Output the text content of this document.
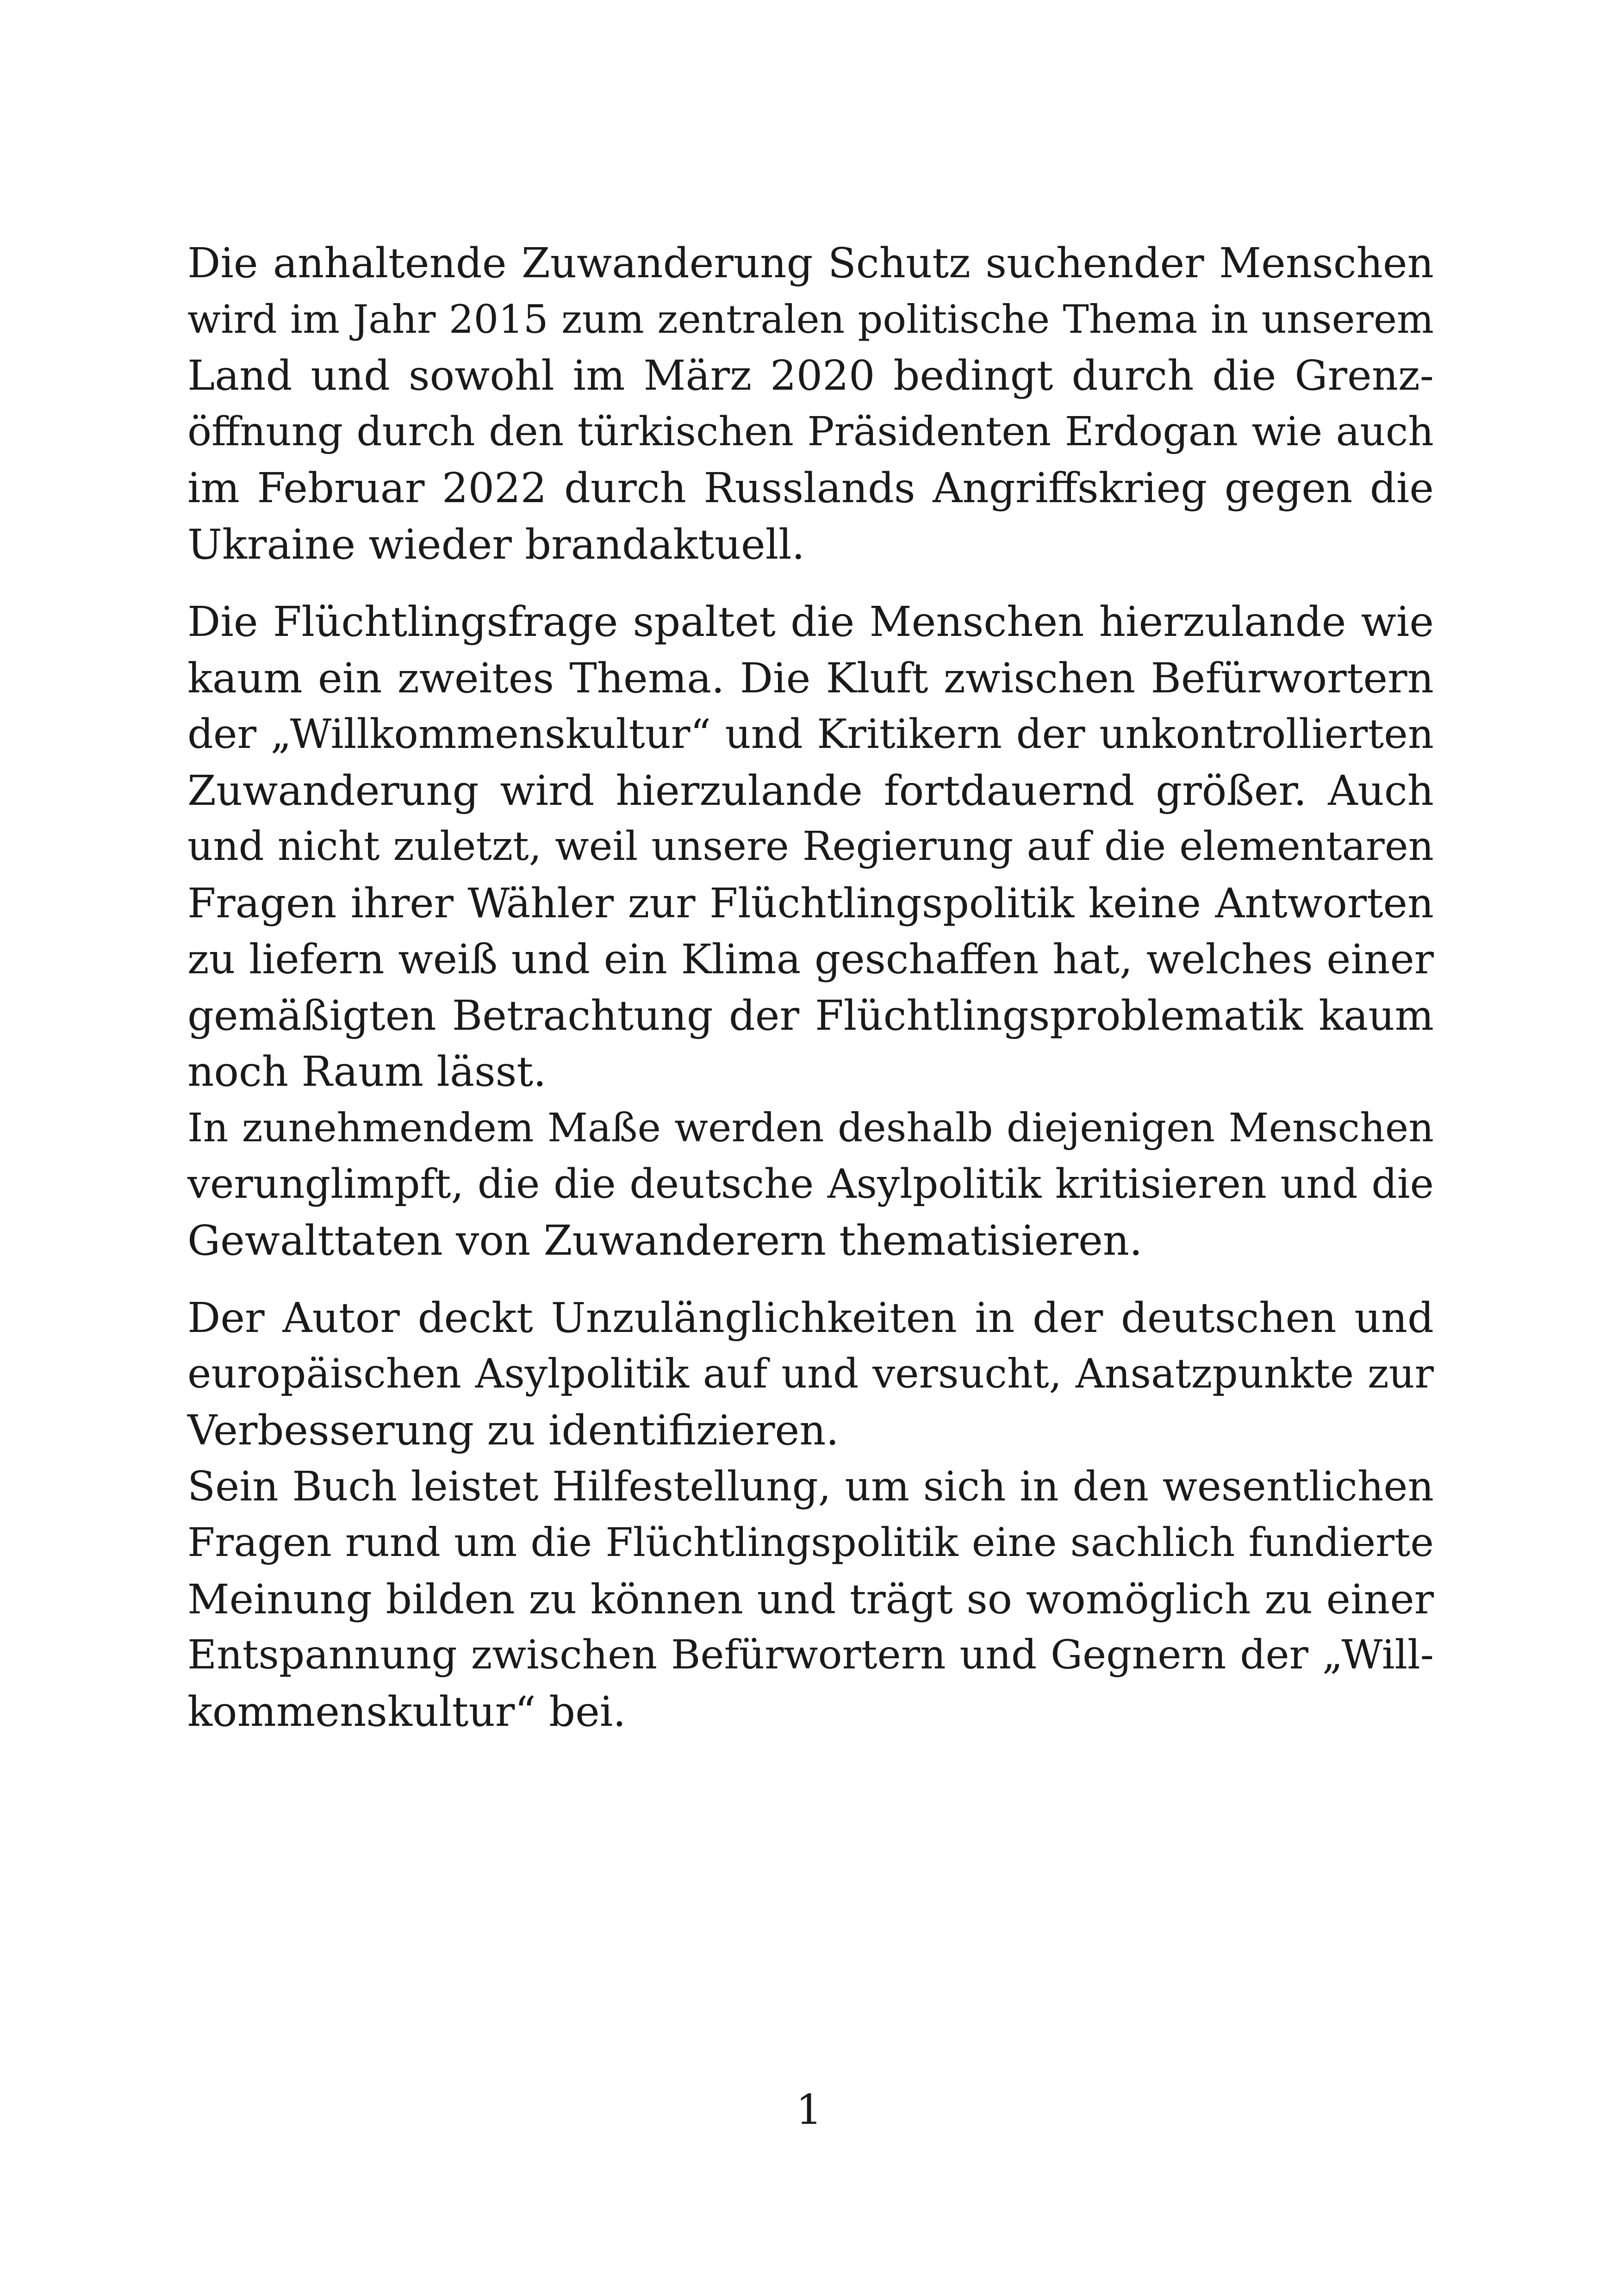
Die anhaltende Zuwanderung Schutz suchender Menschen
wird im Jahr 2015 zum zentralen politische Thema in unserem
Land und sowohl im März 2020 bedingt durch die Grenz-
öffnung durch den türkischen Präsidenten Erdogan wie auch
im Februar 2022 durch Russlands Angriffskrieg gegen die
Ukraine wieder brandaktuell.

Die Flüchtlingsfrage spaltet die Menschen hierzulande wie
kaum ein zweites Thema. Die Kluft zwischen Befürwortern
der „Willkommenskultur“ und Kritikern der unkontrollierten
Zuwanderung wird hierzulande fortdauernd größer. Auch
und nicht zuletzt, weil unsere Regierung auf die elementaren
Fragen ihrer Wähler zur Flüchtlingspolitik keine Antworten
zu liefern weiß und ein Klima geschaffen hat, welches einer
gemäßigten Betrachtung der Flüchtlingsproblematik kaum
noch Raum lässt.

In zunehmendem Maße werden deshalb diejenigen Menschen
verunglimpft, die die deutsche Asylpolitik kritisieren und die
Gewalttaten von Zuwanderern thematisieren.

Der Autor deckt Unzulänglichkeiten in der deutschen und
europäischen Asylpolitik auf und versucht, Ansatzpunkte zur
Verbesserung zu identifizieren.

Sein Buch leistet Hilfestellung, um sich in den wesentlichen
Fragen rund um die Flüchtlingspolitik eine sachlich fundierte
Meinung bilden zu können und trägt so womöglich zu einer
Entspannung zwischen Befürwortern und Gegnern der „Will-
kommenskultur“ bei.

1
